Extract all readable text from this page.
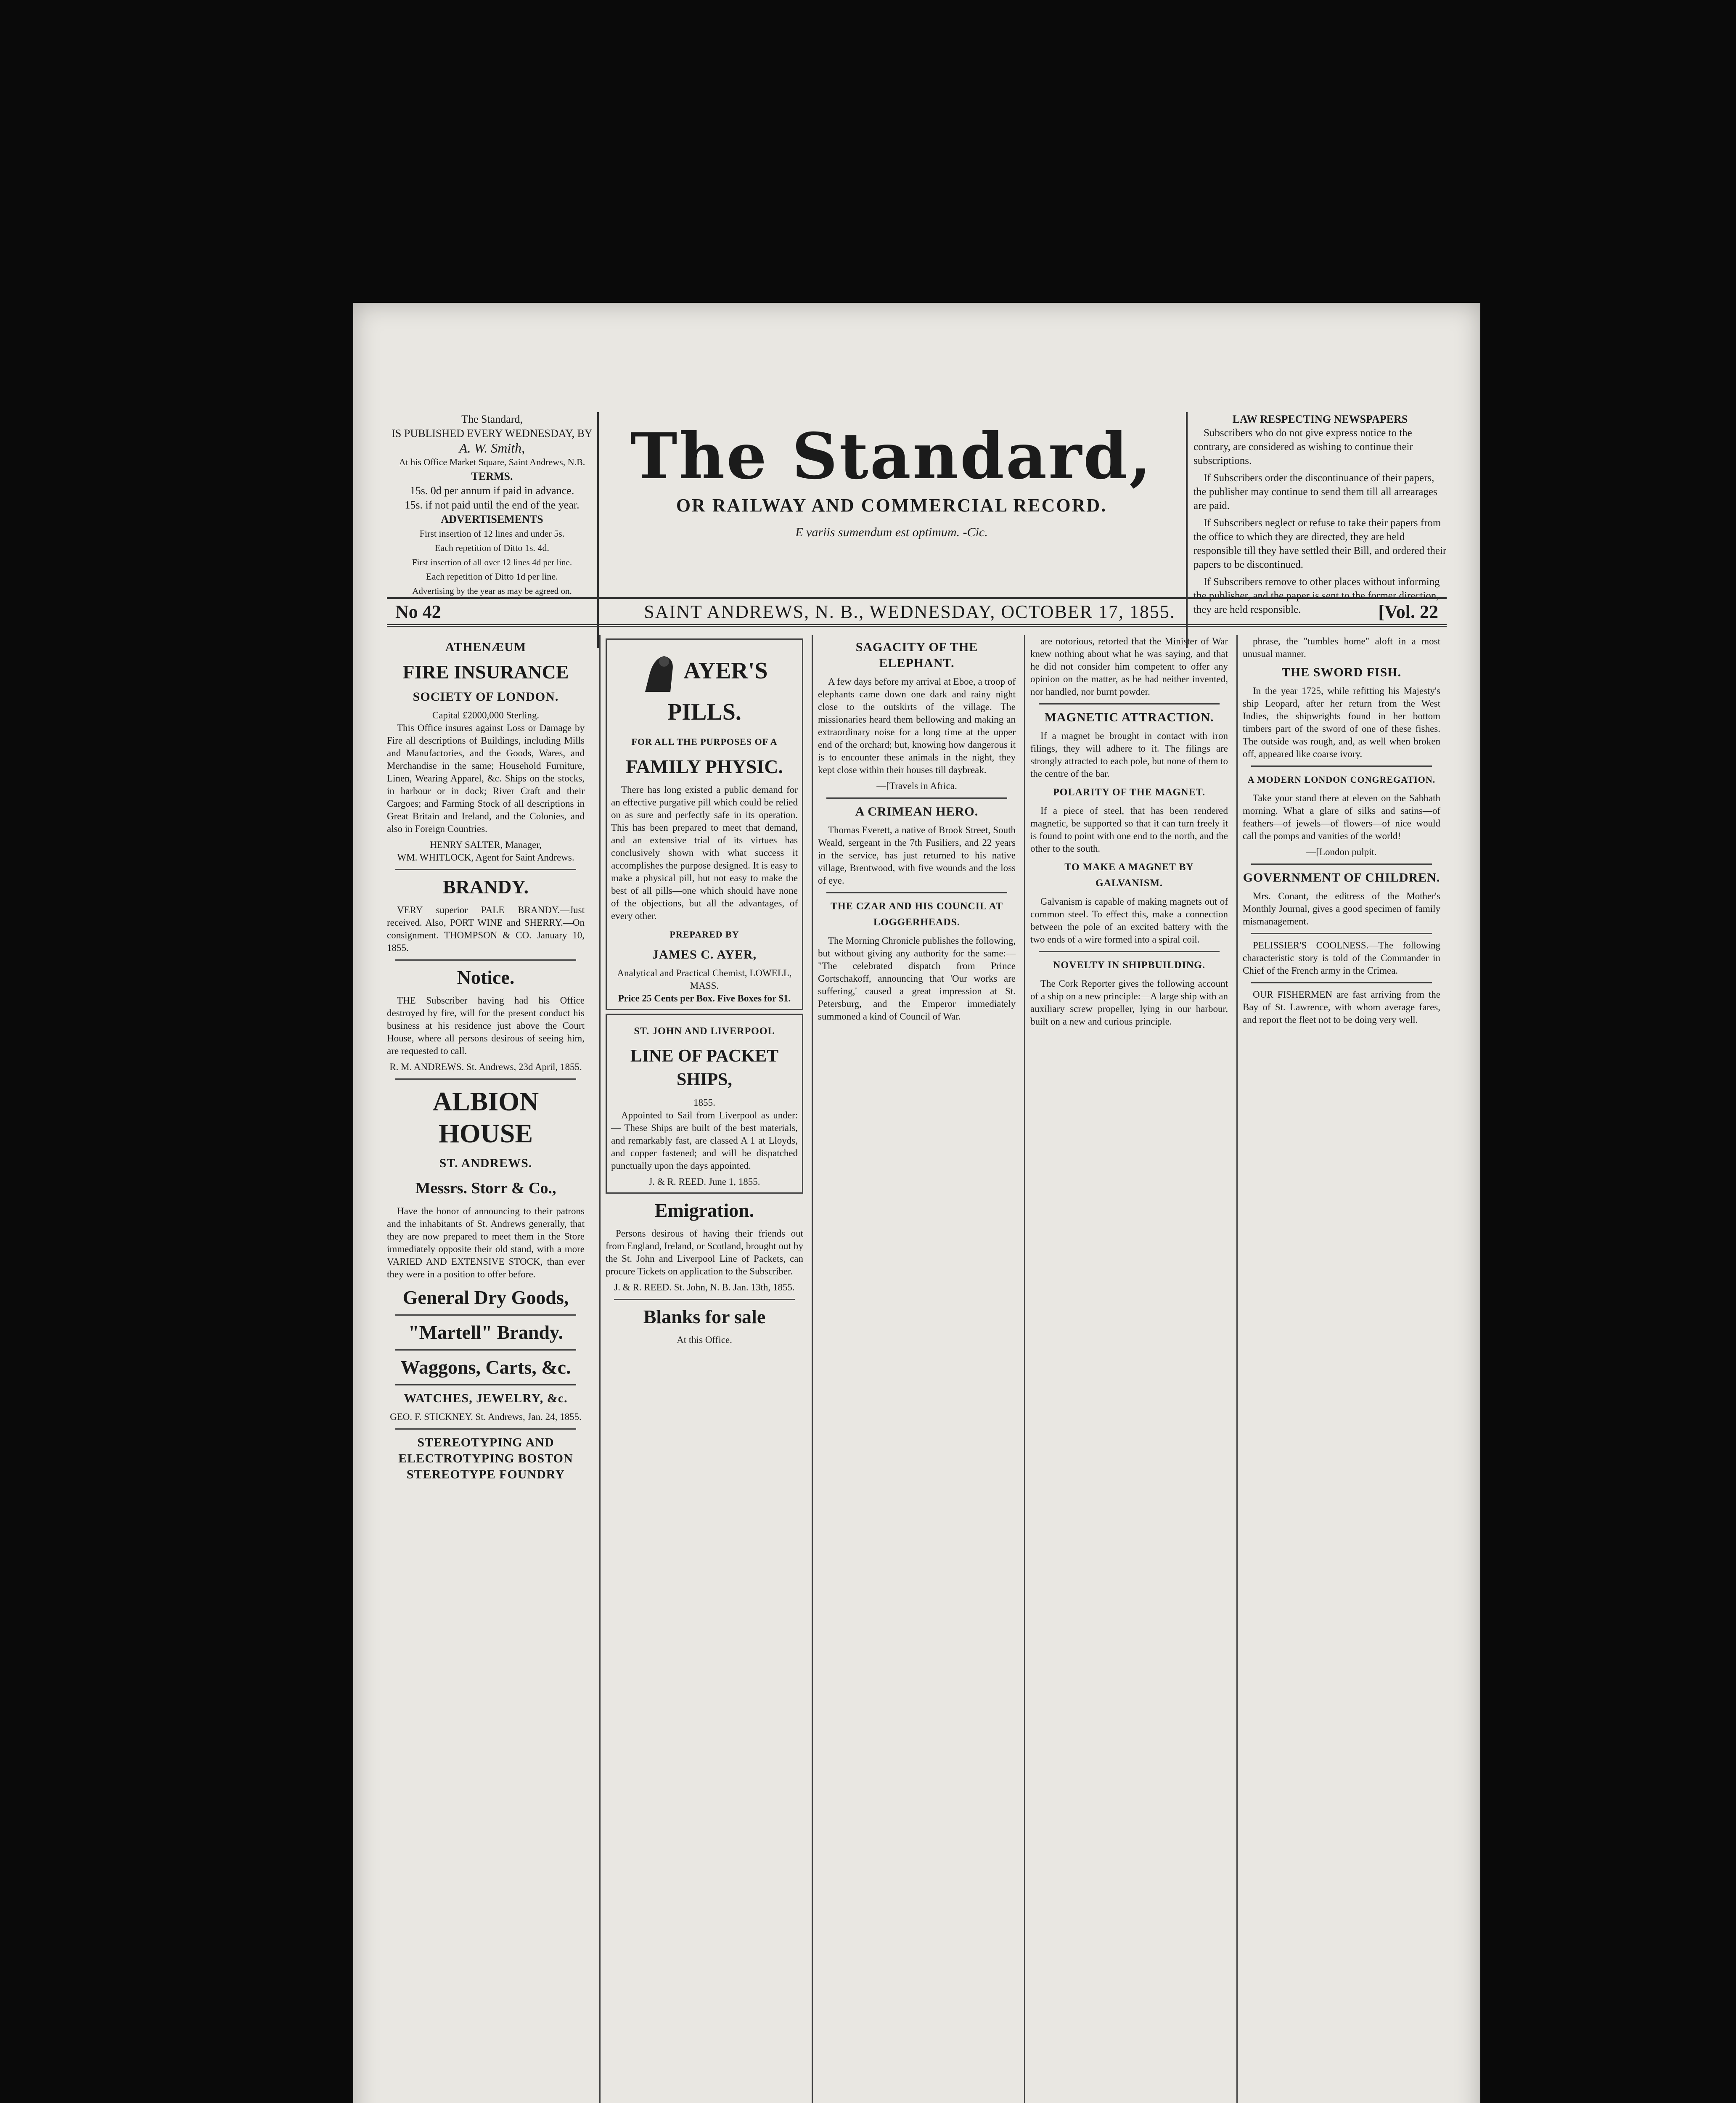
The Standard,
IS PUBLISHED EVERY WEDNESDAY, BY
A. W. Smith,
At his Office Market Square, Saint Andrews, N.B.
TERMS.
15s. 0d per annum if paid in advance.
15s. if not paid until the end of the year.
ADVERTISEMENTS
First insertion of 12 lines and under 5s.
Each repetition of Ditto 1s. 4d.
First insertion of all over 12 lines 4d per line.
Each repetition of Ditto 1d per line.
Advertising by the year as may be agreed on.
The Standard,
OR RAILWAY AND COMMERCIAL RECORD.
E variis sumendum est optimum. -Cic.
LAW RESPECTING NEWSPAPERS

Subscribers who do not give express notice to the contrary, are considered as wishing to continue their subscriptions.

If Subscribers order the discontinuance of their papers, the publisher may continue to send them till all arrearages are paid.

If Subscribers neglect or refuse to take their papers from the office to which they are directed, they are held responsible till they have settled their Bill, and ordered their papers to be discontinued.

If Subscribers remove to other places without informing the publisher, and the paper is sent to the former direction, they are held responsible.

No 42	SAINT ANDREWS, N. B., WEDNESDAY, OCTOBER 17, 1855.	[Vol. 22
ATHENÆUM
FIRE INSURANCE
SOCIETY OF LONDON.
Capital £2000,000 Sterling.

This Office insures against Loss or Damage by Fire all descriptions of Buildings, including Mills and Manufactories, and the Goods, Wares, and Merchandise in the same; Household Furniture, Linen, Wearing Apparel, &c. Ships on the stocks, in harbour or in dock; River Craft and their Cargoes; and Farming Stock of all descriptions in Great Britain and Ireland, and the Colonies, and also in Foreign Countries.

HENRY SALTER, Manager,
WM. WHITLOCK, Agent for Saint Andrews.
BRANDY.

VERY superior PALE BRANDY.—Just received. Also, PORT WINE and SHERRY.—On consignment. THOMPSON & CO. January 10, 1855.

Notice.

THE Subscriber having had his Office destroyed by fire, will for the present conduct his business at his residence just above the Court House, where all persons desirous of seeing him, are requested to call.

R. M. ANDREWS. St. Andrews, 23d April, 1855.
ALBION HOUSE
ST. ANDREWS.
Messrs. Storr & Co.,

Have the honor of announcing to their patrons and the inhabitants of St. Andrews generally, that they are now prepared to meet them in the Store immediately opposite their old stand, with a more VARIED AND EXTENSIVE STOCK, than ever they were in a position to offer before.

General Dry Goods,
"Martell" Brandy.
Waggons, Carts, &c.
WATCHES, JEWELRY, &c.
GEO. F. STICKNEY. St. Andrews, Jan. 24, 1855.
STEREOTYPING AND ELECTROTYPING BOSTON STEREOTYPE FOUNDRY
AYER'S PILLS.
FOR ALL THE PURPOSES OF A
FAMILY PHYSIC.

There has long existed a public demand for an effective purgative pill which could be relied on as sure and perfectly safe in its operation. This has been prepared to meet that demand, and an extensive trial of its virtues has conclusively shown with what success it accomplishes the purpose designed. It is easy to make a physical pill, but not easy to make the best of all pills—one which should have none of the objections, but all the advantages, of every other.

PREPARED BY
JAMES C. AYER,
Analytical and Practical Chemist, LOWELL, MASS.
Price 25 Cents per Box. Five Boxes for $1.
ST. JOHN AND LIVERPOOL
LINE OF PACKET SHIPS,
1855.

Appointed to Sail from Liverpool as under:— These Ships are built of the best materials, and remarkably fast, are classed A 1 at Lloyds, and copper fastened; and will be dispatched punctually upon the days appointed.

J. & R. REED. June 1, 1855.
Emigration.

Persons desirous of having their friends out from England, Ireland, or Scotland, brought out by the St. John and Liverpool Line of Packets, can procure Tickets on application to the Subscriber.

J. & R. REED. St. John, N. B. Jan. 13th, 1855.
Blanks for sale
At this Office.
SAGACITY OF THE ELEPHANT.

A few days before my arrival at Eboe, a troop of elephants came down one dark and rainy night close to the outskirts of the village. The missionaries heard them bellowing and making an extraordinary noise for a long time at the upper end of the orchard; but, knowing how dangerous it is to encounter these animals in the night, they kept close within their houses till daybreak.

—[Travels in Africa.
A CRIMEAN HERO.

Thomas Everett, a native of Brook Street, South Weald, sergeant in the 7th Fusiliers, and 22 years in the service, has just returned to his native village, Brentwood, with five wounds and the loss of eye.

THE CZAR AND HIS COUNCIL AT LOGGERHEADS.

The Morning Chronicle publishes the following, but without giving any authority for the same:— "The celebrated dispatch from Prince Gortschakoff, announcing that 'Our works are suffering,' caused a great impression at St. Petersburg, and the Emperor immediately summoned a kind of Council of War.

are notorious, retorted that the Minister of War knew nothing about what he was saying, and that he did not consider him competent to offer any opinion on the matter, as he had neither invented, nor handled, nor burnt powder.

MAGNETIC ATTRACTION.

If a magnet be brought in contact with iron filings, they will adhere to it. The filings are strongly attracted to each pole, but none of them to the centre of the bar.

POLARITY OF THE MAGNET.

If a piece of steel, that has been rendered magnetic, be supported so that it can turn freely it is found to point with one end to the north, and the other to the south.

TO MAKE A MAGNET BY GALVANISM.

Galvanism is capable of making magnets out of common steel. To effect this, make a connection between the pole of an excited battery with the two ends of a wire formed into a spiral coil.

NOVELTY IN SHIPBUILDING.

The Cork Reporter gives the following account of a ship on a new principle:—A large ship with an auxiliary screw propeller, lying in our harbour, built on a new and curious principle.

phrase, the "tumbles home" aloft in a most unusual manner.

THE SWORD FISH.

In the year 1725, while refitting his Majesty's ship Leopard, after her return from the West Indies, the shipwrights found in her bottom timbers part of the sword of one of these fishes. The outside was rough, and, as well when broken off, appeared like coarse ivory.

A MODERN LONDON CONGREGATION.

Take your stand there at eleven on the Sabbath morning. What a glare of silks and satins—of feathers—of jewels—of flowers—of nice would call the pomps and vanities of the world!

—[London pulpit.
GOVERNMENT OF CHILDREN.

Mrs. Conant, the editress of the Mother's Monthly Journal, gives a good specimen of family mismanagement.

PELISSIER'S COOLNESS.—The following characteristic story is told of the Commander in Chief of the French army in the Crimea.

OUR FISHERMEN are fast arriving from the Bay of St. Lawrence, with whom average fares, and report the fleet not to be doing very well.
